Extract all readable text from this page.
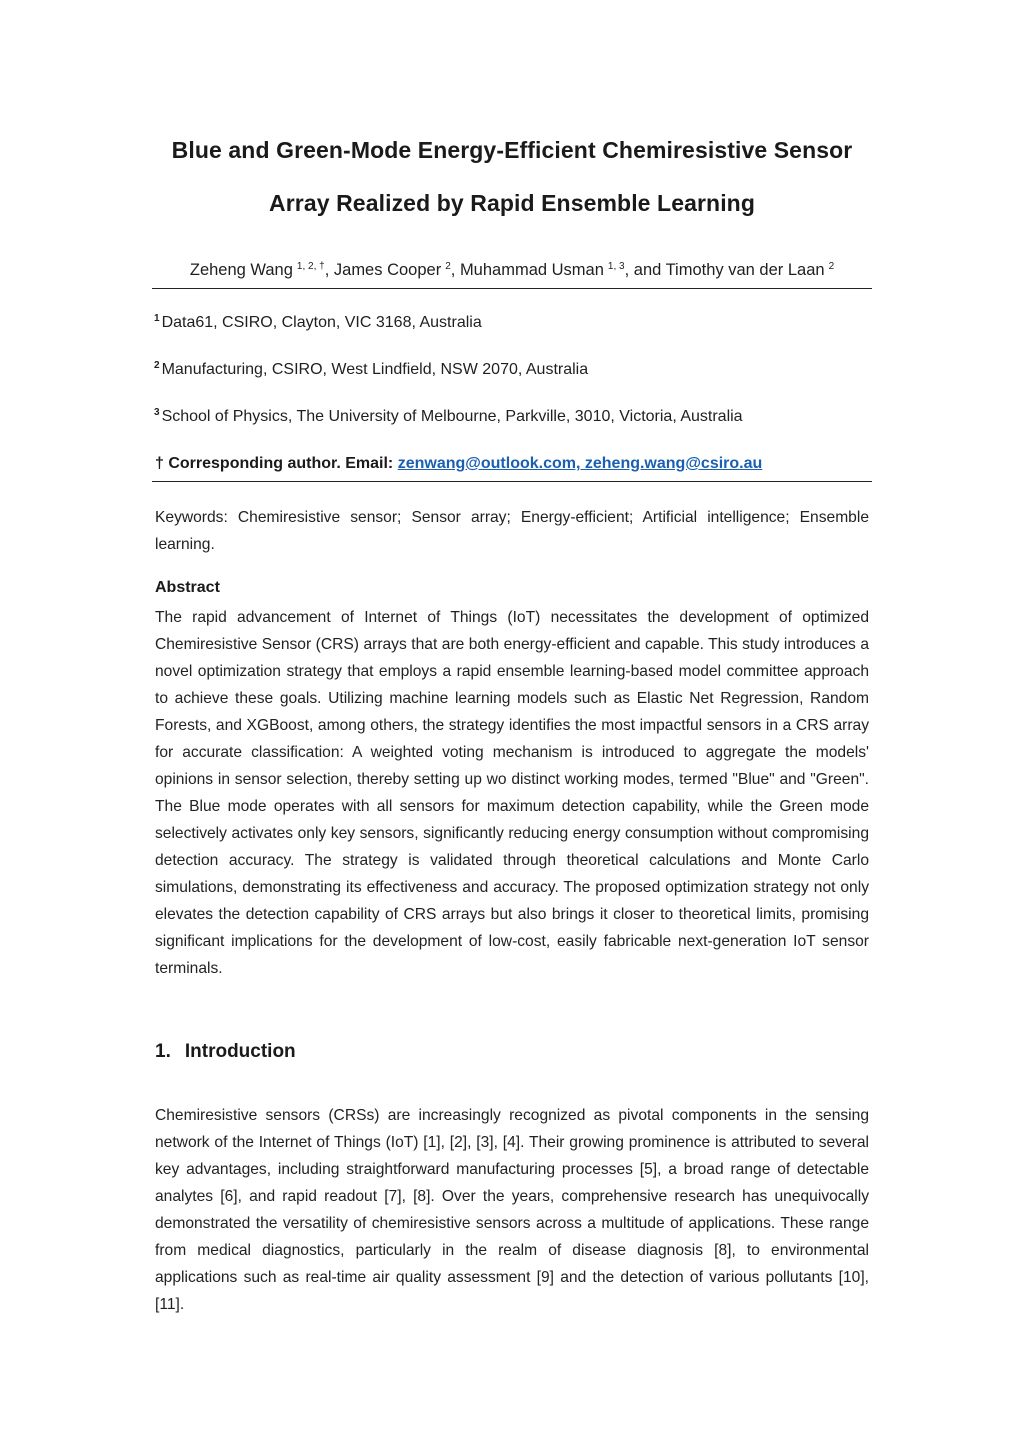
Blue and Green-Mode Energy-Efficient Chemiresistive Sensor
Array Realized by Rapid Ensemble Learning
Zeheng Wang $^{1, 2, \dagger}$, James Cooper $^2$, Muhammad Usman $^{1, 3}$, and Timothy van der Laan $^2$
$^1$ Data61, CSIRO, Clayton, VIC 3168, Australia
$^2$ Manufacturing, CSIRO, West Lindfield, NSW 2070, Australia
$^3$ School of Physics, The University of Melbourne, Parkville, 3010, Victoria, Australia
† Corresponding author. Email: zenwang@outlook.com, zeheng.wang@csiro.au
Keywords: Chemiresistive sensor; Sensor array; Energy-efficient; Artificial intelligence; Ensemble learning.
Abstract
The rapid advancement of Internet of Things (IoT) necessitates the development of optimized Chemiresistive Sensor (CRS) arrays that are both energy-efficient and capable. This study introduces a novel optimization strategy that employs a rapid ensemble learning-based model committee approach to achieve these goals. Utilizing machine learning models such as Elastic Net Regression, Random Forests, and XGBoost, among others, the strategy identifies the most impactful sensors in a CRS array for accurate classification: A weighted voting mechanism is introduced to aggregate the models' opinions in sensor selection, thereby setting up wo distinct working modes, termed "Blue" and "Green". The Blue mode operates with all sensors for maximum detection capability, while the Green mode selectively activates only key sensors, significantly reducing energy consumption without compromising detection accuracy. The strategy is validated through theoretical calculations and Monte Carlo simulations, demonstrating its effectiveness and accuracy. The proposed optimization strategy not only elevates the detection capability of CRS arrays but also brings it closer to theoretical limits, promising significant implications for the development of low-cost, easily fabricable next-generation IoT sensor terminals.
1. Introduction
Chemiresistive sensors (CRSs) are increasingly recognized as pivotal components in the sensing network of the Internet of Things (IoT) [1], [2], [3], [4]. Their growing prominence is attributed to several key advantages, including straightforward manufacturing processes [5], a broad range of detectable analytes [6], and rapid readout [7], [8]. Over the years, comprehensive research has unequivocally demonstrated the versatility of chemiresistive sensors across a multitude of applications. These range from medical diagnostics, particularly in the realm of disease diagnosis [8], to environmental applications such as real-time air quality assessment [9] and the detection of various pollutants [10], [11].
